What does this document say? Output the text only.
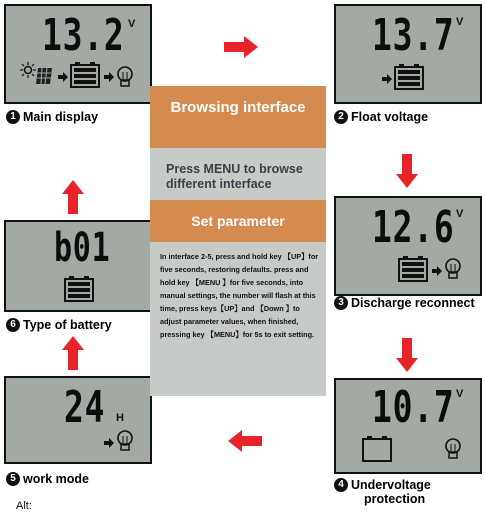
13.2 V
1 Main display
13.7 V
2 Float voltage
12.6 V
3 Discharge reconnect
10.7 V
4 Undervoltage
protection
24 H
5 work mode
b01
6 Type of battery
Browsing interface
Press MENU to browse different interface
Set parameter
In interface 2-5, press and hold key 【UP】for five seconds, restoring defaults. press and hold key 【MENU 】for five seconds, into manual settings, the number will flash at this time, press keys【UP】and 【Down 】to adjust parameter values, when finished, pressing key 【MENU】for 5s to exit setting.
Alt:
